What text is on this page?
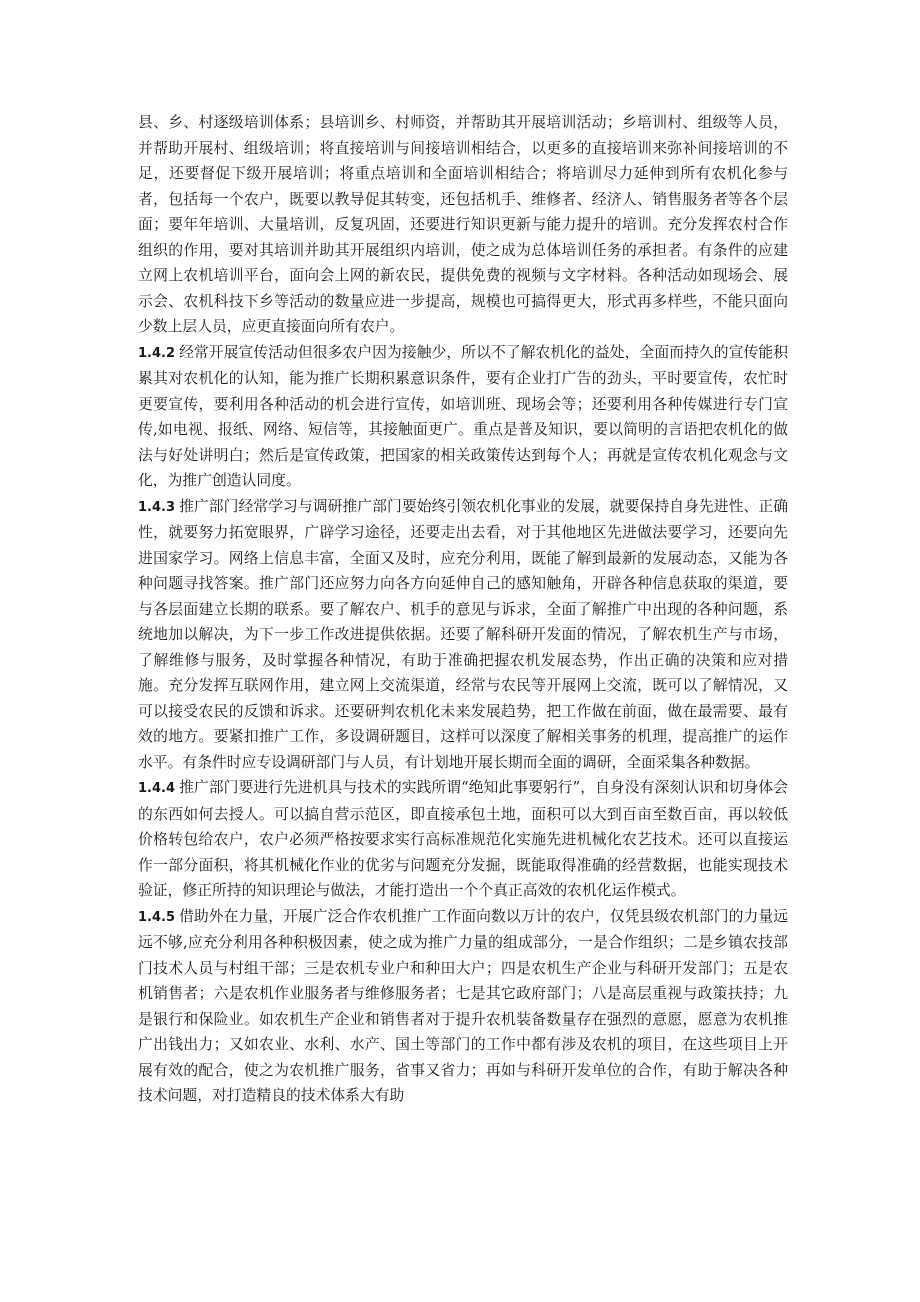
县、乡、村逐级培训体系；县培训乡、村师资，并帮助其开展培训活动；乡培训村、组级等人员，并帮助开展村、组级培训；将直接培训与间接培训相结合，以更多的直接培训来弥补间接培训的不足，还要督促下级开展培训；将重点培训和全面培训相结合；将培训尽力延伸到所有农机化参与者，包括每一个农户，既要以教导促其转变，还包括机手、维修者、经济人、销售服务者等各个层面；要年年培训、大量培训，反复巩固，还要进行知识更新与能力提升的培训。充分发挥农村合作组织的作用，要对其培训并助其开展组织内培训，使之成为总体培训任务的承担者。有条件的应建立网上农机培训平台，面向会上网的新农民，提供免费的视频与文字材料。各种活动如现场会、展示会、农机科技下乡等活动的数量应进一步提高，规模也可搞得更大，形式再多样些，不能只面向少数上层人员，应更直接面向所有农户。

1.4.2 经常开展宣传活动但很多农户因为接触少，所以不了解农机化的益处，全面而持久的宣传能积累其对农机化的认知，能为推广长期积累意识条件，要有企业打广告的劲头，平时要宣传，农忙时更要宣传，要利用各种活动的机会进行宣传，如培训班、现场会等；还要利用各种传媒进行专门宣传,如电视、报纸、网络、短信等，其接触面更广。重点是普及知识，要以简明的言语把农机化的做法与好处讲明白；然后是宣传政策，把国家的相关政策传达到每个人；再就是宣传农机化观念与文化，为推广创造认同度。

1.4.3 推广部门经常学习与调研推广部门要始终引领农机化事业的发展，就要保持自身先进性、正确性，就要努力拓宽眼界，广辟学习途径，还要走出去看，对于其他地区先进做法要学习，还要向先进国家学习。网络上信息丰富，全面又及时，应充分利用，既能了解到最新的发展动态，又能为各种问题寻找答案。推广部门还应努力向各方向延伸自己的感知触角，开辟各种信息获取的渠道，要与各层面建立长期的联系。要了解农户、机手的意见与诉求，全面了解推广中出现的各种问题，系统地加以解决，为下一步工作改进提供依据。还要了解科研开发面的情况，了解农机生产与市场，了解维修与服务，及时掌握各种情况，有助于准确把握农机发展态势，作出正确的决策和应对措施。充分发挥互联网作用，建立网上交流渠道，经常与农民等开展网上交流，既可以了解情况，又可以接受农民的反馈和诉求。还要研判农机化未来发展趋势，把工作做在前面，做在最需要、最有效的地方。要紧扣推广工作，多设调研题目，这样可以深度了解相关事务的机理，提高推广的运作水平。有条件时应专设调研部门与人员，有计划地开展长期而全面的调研，全面采集各种数据。

1.4.4 推广部门要进行先进机具与技术的实践所谓“绝知此事要躬行”，自身没有深刻认识和切身体会的东西如何去授人。可以搞自营示范区，即直接承包土地，面积可以大到百亩至数百亩，再以较低价格转包给农户，农户必须严格按要求实行高标准规范化实施先进机械化农艺技术。还可以直接运作一部分面积，将其机械化作业的优劣与问题充分发掘，既能取得准确的经营数据，也能实现技术验证，修正所持的知识理论与做法，才能打造出一个个真正高效的农机化运作模式。

1.4.5 借助外在力量，开展广泛合作农机推广工作面向数以万计的农户，仅凭县级农机部门的力量远远不够,应充分利用各种积极因素，使之成为推广力量的组成部分，一是合作组织；二是乡镇农技部门技术人员与村组干部；三是农机专业户和种田大户；四是农机生产企业与科研开发部门；五是农机销售者；六是农机作业服务者与维修服务者；七是其它政府部门；八是高层重视与政策扶持；九是银行和保险业。如农机生产企业和销售者对于提升农机装备数量存在强烈的意愿，愿意为农机推广出钱出力；又如农业、水利、水产、国土等部门的工作中都有涉及农机的项目，在这些项目上开展有效的配合，使之为农机推广服务，省事又省力；再如与科研开发单位的合作，有助于解决各种技术问题，对打造精良的技术体系大有助
